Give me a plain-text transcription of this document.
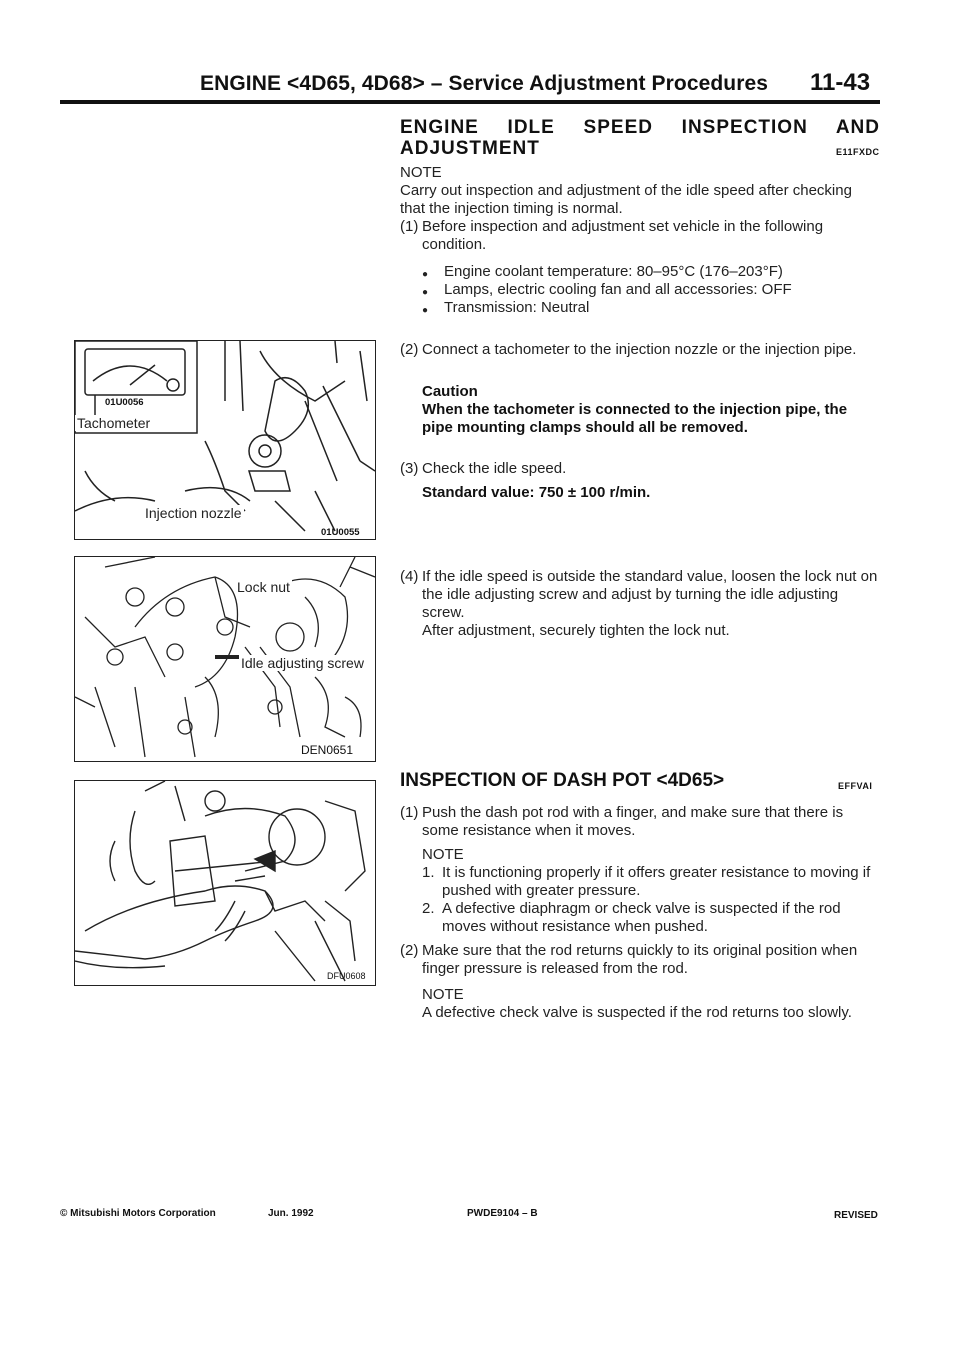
ENGINE <4D65, 4D68> – Service Adjustment Procedures 11-43
ENGINE IDLE SPEED INSPECTION AND
ADJUSTMENT	E11FXDC
NOTE
Carry out inspection and adjustment of the idle speed after checking that the injection timing is normal.
(1) Before inspection and adjustment set vehicle in the following condition.
● Engine coolant temperature: 80–95°C (176–203°F)
● Lamps, electric cooling fan and all accessories: OFF
● Transmission: Neutral
(2) Connect a tachometer to the injection nozzle or the injection pipe.
Caution
When the tachometer is connected to the injection pipe, the pipe mounting clamps should all be removed.
(3) Check the idle speed.
Standard value: 750 ± 100 r/min.
(4) If the idle speed is outside the standard value, loosen the lock nut on the idle adjusting screw and adjust by turning the idle adjusting screw.
After adjustment, securely tighten the lock nut.
INSPECTION OF DASH POT <4D65>	EFFVAI
(1) Push the dash pot rod with a finger, and make sure that there is some resistance when it moves.
NOTE
1. It is functioning properly if it offers greater resistance to moving if pushed with greater pressure.
2. A defective diaphragm or check valve is suspected if the rod moves without resistance when pushed.
(2) Make sure that the rod returns quickly to its original position when finger pressure is released from the rod.
NOTE
A defective check valve is suspected if the rod returns too slowly.
01U0056
Tachometer
Injection nozzle
01U0055
Lock nut
Idle adjusting screw
DEN0651
DFU0608
© Mitsubishi Motors Corporation	Jun. 1992	PWDE9104 – B	REVISED
